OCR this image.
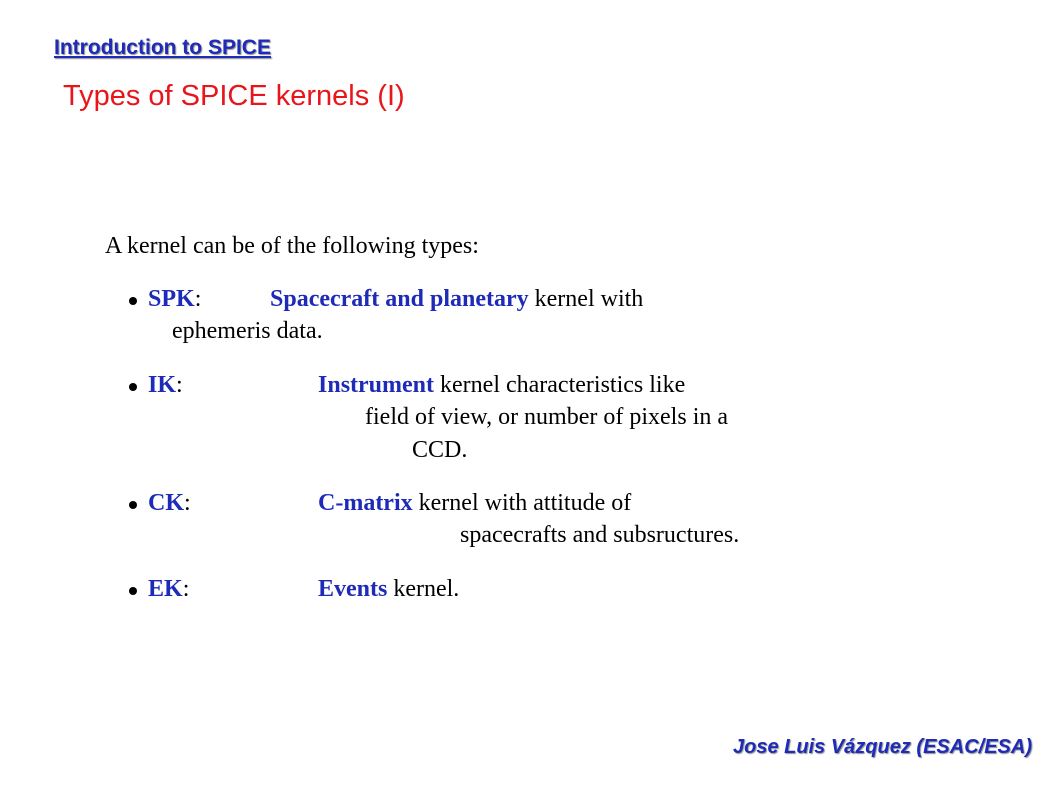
Introduction to SPICE
Types of SPICE kernels (I)
A kernel can be of the following types:
SPK:	Spacecraft and planetary kernel with
ephemeris data.
IK:	Instrument kernel characteristics like
field of view, or number of pixels in a
CCD.
CK:	C-matrix kernel with attitude of
spacecrafts and subsructures.
EK:	Events kernel.
Jose Luis Vázquez (ESAC/ESA)
